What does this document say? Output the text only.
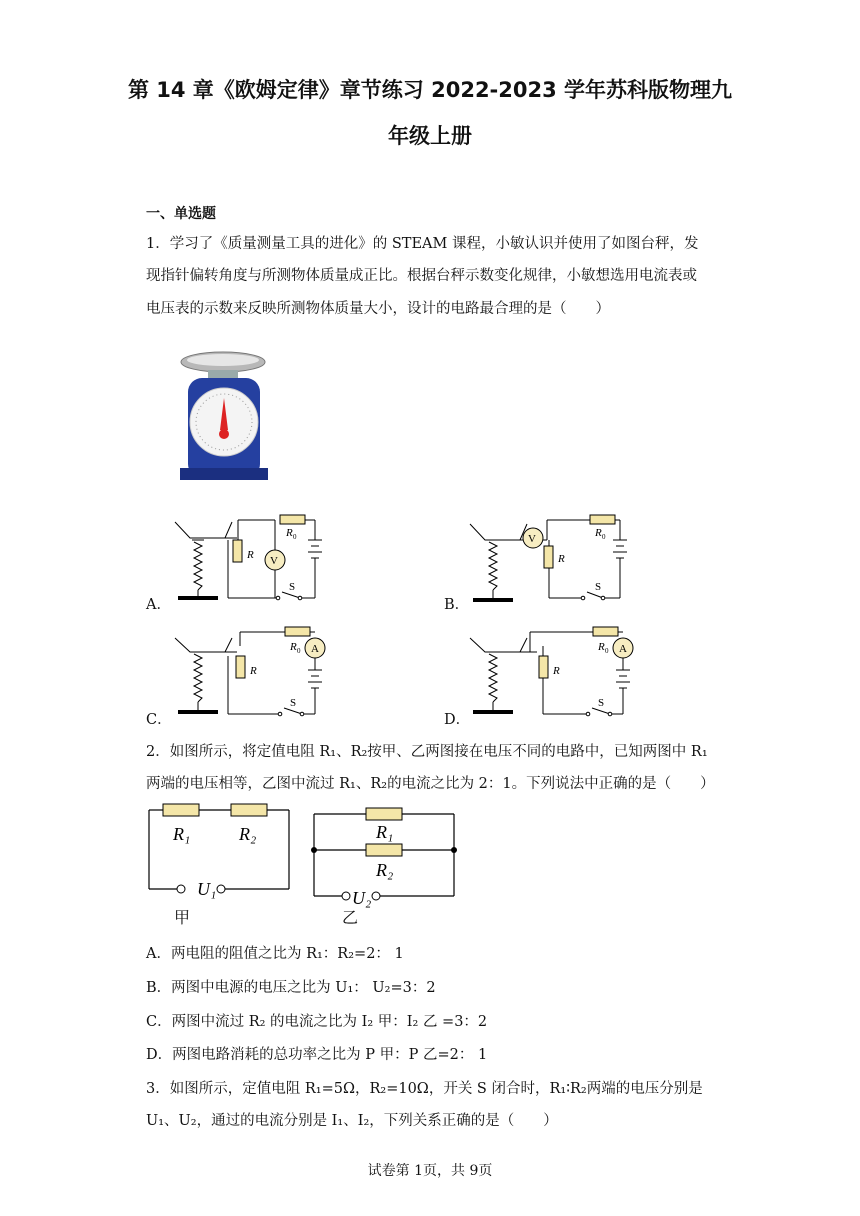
第 14 章《欧姆定律》章节练习 2022-2023 学年苏科版物理九
年级上册
一、单选题
1．学习了《质量测量工具的进化》的 STEAM 课程，小敏认识并使用了如图台秤，发
现指针偏转角度与所测物体质量成正比。根据台秤示数变化规律，小敏想选用电流表或
电压表的示数来反映所测物体质量大小，设计的电路最合理的是（　　）
R
R 0
V
S
R
R 0
V
S
R
R 0 A
S
R
R 0 A
S
A．	B．
C．	D．
2．如图所示，将定值电阻 R₁、R₂按甲、乙两图接在电压不同的电路中，已知两图中 R₁
两端的电压相等，乙图中流过 R₁、R₂的电流之比为 2：1。下列说法中正确的是（　　）
R₁	R₂
U₁
甲
R₁
R₂
U₂
乙
A．两电阻的阻值之比为 R₁：R₂=2： 1
B．两图中电源的电压之比为 U₁： U₂=3：2
C．两图中流过 R₂ 的电流之比为 I₂ 甲：I₂ 乙 =3：2
D．两图电路消耗的总功率之比为 P 甲：P 乙=2： 1
3．如图所示，定值电阻 R₁=5Ω，R₂=10Ω，开关 S 闭合时，R₁∶R₂两端的电压分别是
U₁、U₂，通过的电流分别是 I₁、I₂，下列关系正确的是（　　）
试卷第 1页，共 9页
